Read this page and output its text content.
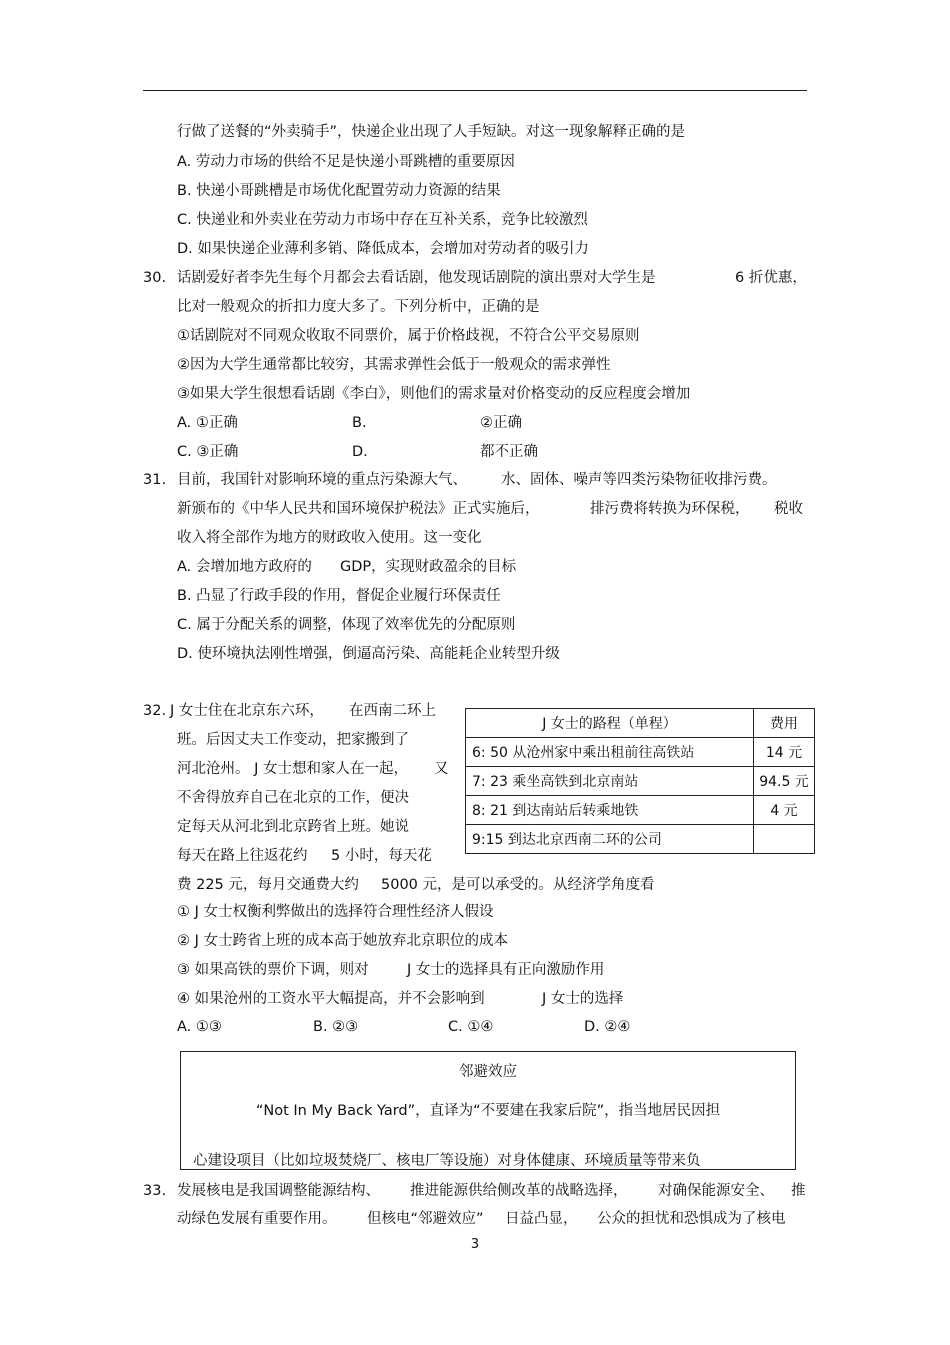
行做了送餐的“外卖骑手”，快递企业出现了人手短缺。对这一现象解释正确的是
A. 劳动力市场的供给不足是快递小哥跳槽的重要原因
B. 快递小哥跳槽是市场优化配置劳动力资源的结果
C. 快递业和外卖业在劳动力市场中存在互补关系，竞争比较激烈
D. 如果快递企业薄利多销、降低成本，会增加对劳动者的吸引力
30. 话剧爱好者李先生每个月都会去看话剧，他发现话剧院的演出票对大学生是	6 折优惠，
比对一般观众的折扣力度大多了。下列分析中，正确的是
①话剧院对不同观众收取不同票价，属于价格歧视，不符合公平交易原则
②因为大学生通常都比较穷，其需求弹性会低于一般观众的需求弹性
③如果大学生很想看话剧《李白》，则他们的需求量对价格变动的反应程度会增加
A. ①正确	B.	②正确
C. ③正确	D.	都不正确
31. 目前，我国针对影响环境的重点污染源大气、 水、固体、噪声等四类污染物征收排污费。
新颁布的《中华人民共和国环境保护税法》正式实施后，	排污费将转换为环保税， 税收
收入将全部作为地方的财政收入使用。这一变化
A. 会增加地方政府的 GDP，实现财政盈余的目标
B. 凸显了行政手段的作用，督促企业履行环保责任
C. 属于分配关系的调整，体现了效率优先的分配原则
D. 使环境执法刚性增强，倒逼高污染、高能耗企业转型升级
32. J 女士住在北京东六环， 在西南二环上
班。后因丈夫工作变动，把家搬到了
河北沧州。 J 女士想和家人在一起， 又
不舍得放弃自己在北京的工作，便决
定每天从河北到北京跨省上班。她说
每天在路上往返花约 5 小时，每天花
费 225 元，每月交通费大约 5000 元，是可以承受的。从经济学角度看
① J 女士权衡利弊做出的选择符合理性经济人假设
② J 女士跨省上班的成本高于她放弃北京职位的成本
③ 如果高铁的票价下调，则对	J 女士的选择具有正向激励作用
④ 如果沧州的工资水平大幅提高，并不会影响到	J 女士的选择
A. ①③	B. ②③	C. ①④	D. ②④
J 女士的路程（单程）	费用
6: 50 从沧州家中乘出租前往高铁站	14 元
7: 23 乘坐高铁到北京南站	94.5 元
8: 21 到达南站后转乘地铁	4 元
9:15 到达北京西南二环的公司	
邻避效应
“Not In My Back Yard”，直译为“不要建在我家后院”，指当地居民因担
心建设项目（比如垃圾焚烧厂、核电厂等设施）对身体健康、环境质量等带来负
33. 发展核电是我国调整能源结构、 推进能源供给侧改革的战略选择， 对确保能源安全、 推
动绿色发展有重要作用。 但核电“邻避效应” 日益凸显， 公众的担忧和恐惧成为了核电
3
